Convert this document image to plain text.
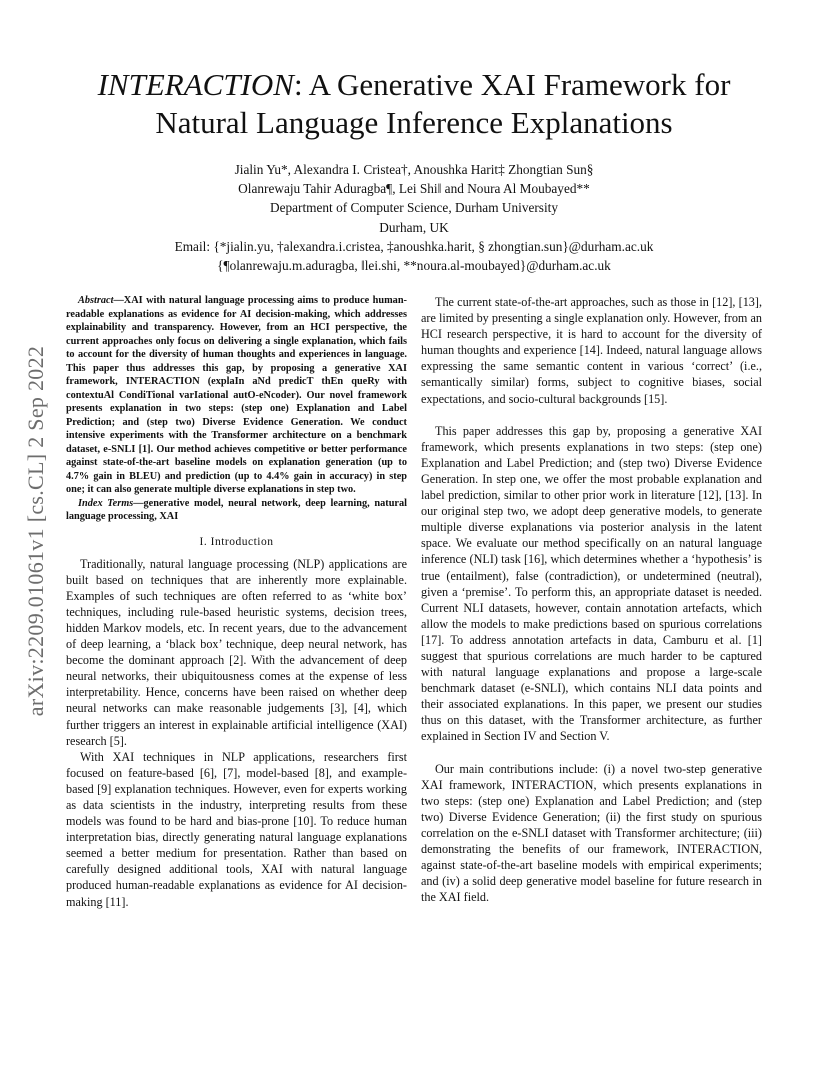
INTERACTION: A Generative XAI Framework for
Natural Language Inference Explanations
Jialin Yu*, Alexandra I. Cristea†, Anoushka Harit‡ Zhongtian Sun§
Olanrewaju Tahir Aduragba¶, Lei Shi‖ and Noura Al Moubayed**
Department of Computer Science, Durham University
Durham, UK
Email: {*jialin.yu, †alexandra.i.cristea, ‡anoushka.harit, § zhongtian.sun}@durham.ac.uk
{¶olanrewaju.m.aduragba, ‖lei.shi, **noura.al-moubayed}@durham.ac.uk
arXiv:2209.01061v1 [cs.CL] 2 Sep 2022

Abstract—XAI with natural language processing aims to produce human-readable explanations as evidence for AI decision-making, which addresses explainability and transparency. However, from an HCI perspective, the current approaches only focus on delivering a single explanation, which fails to account for the diversity of human thoughts and experiences in language. This paper thus addresses this gap, by proposing a generative XAI framework, INTERACTION (explaIn aNd predicT thEn queRy with contextuAl CondiTional varIational autO-eNcoder). Our novel framework presents explanation in two steps: (step one) Explanation and Label Prediction; and (step two) Diverse Evidence Generation. We conduct intensive experiments with the Transformer architecture on a benchmark dataset, e-SNLI [1]. Our method achieves competitive or better performance against state-of-the-art baseline models on explanation generation (up to 4.7% gain in BLEU) and prediction (up to 4.4% gain in accuracy) in step one; it can also generate multiple diverse explanations in step two.

Index Terms—generative model, neural network, deep learning, natural language processing, XAI

I. Introduction

Traditionally, natural language processing (NLP) applications are built based on techniques that are inherently more explainable. Examples of such techniques are often referred to as ‘white box’ techniques, including rule-based heuristic systems, decision trees, hidden Markov models, etc. In recent years, due to the advancement of deep learning, a ‘black box’ technique, deep neural network, has become the dominant approach [2]. With the advancement of deep neural networks, their ubiquitousness comes at the expense of less interpretability. Hence, concerns have been raised on whether deep neural networks can make reasonable judgements [3], [4], which further triggers an interest in explainable artificial intelligence (XAI) research [5].

With XAI techniques in NLP applications, researchers first focused on feature-based [6], [7], model-based [8], and example-based [9] explanation techniques. However, even for experts working as data scientists in the industry, interpreting results from these models was found to be hard and bias-prone [10]. To reduce human interpretation bias, directly generating natural language explanations seemed a better medium for presentation. Rather than based on carefully designed additional tools, XAI with natural language produced human-readable explanations as evidence for AI decision-making [11].

The current state-of-the-art approaches, such as those in [12], [13], are limited by presenting a single explanation only. However, from an HCI research perspective, it is hard to account for the diversity of human thoughts and experience [14]. Indeed, natural language allows expressing the same semantic content in various ‘correct’ (i.e., semantically similar) forms, subject to cognitive biases, social expectations, and socio-cultural backgrounds [15].

This paper addresses this gap by, proposing a generative XAI framework, which presents explanations in two steps: (step one) Explanation and Label Prediction; and (step two) Diverse Evidence Generation. In step one, we offer the most probable explanation and label prediction, similar to other prior work in literature [12], [13]. In our original step two, we adopt deep generative models, to generate multiple diverse explanations via posterior analysis in the latent space. We evaluate our method specifically on an natural language inference (NLI) task [16], which determines whether a ‘hypothesis’ is true (entailment), false (contradiction), or undetermined (neutral), given a ‘premise’. To perform this, an appropriate dataset is needed. Current NLI datasets, however, contain annotation artefacts, which allow the models to make predictions based on spurious correlations [17]. To address annotation artefacts in data, Camburu et al. [1] suggest that spurious correlations are much harder to be captured with natural language explanations and propose a large-scale benchmark dataset (e-SNLI), which contains NLI data points and their associated explanations. In this paper, we present our studies thus on this dataset, with the Transformer architecture, as further explained in Section IV and Section V.

Our main contributions include: (i) a novel two-step generative XAI framework, INTERACTION, which presents explanations in two steps: (step one) Explanation and Label Prediction; and (step two) Diverse Evidence Generation; (ii) the first study on spurious correlation on the e-SNLI dataset with Transformer architecture; (iii) demonstrating the benefits of our framework, INTERACTION, against state-of-the-art baseline models with empirical experiments; and (iv) a solid deep generative model baseline for future research in the XAI field.
